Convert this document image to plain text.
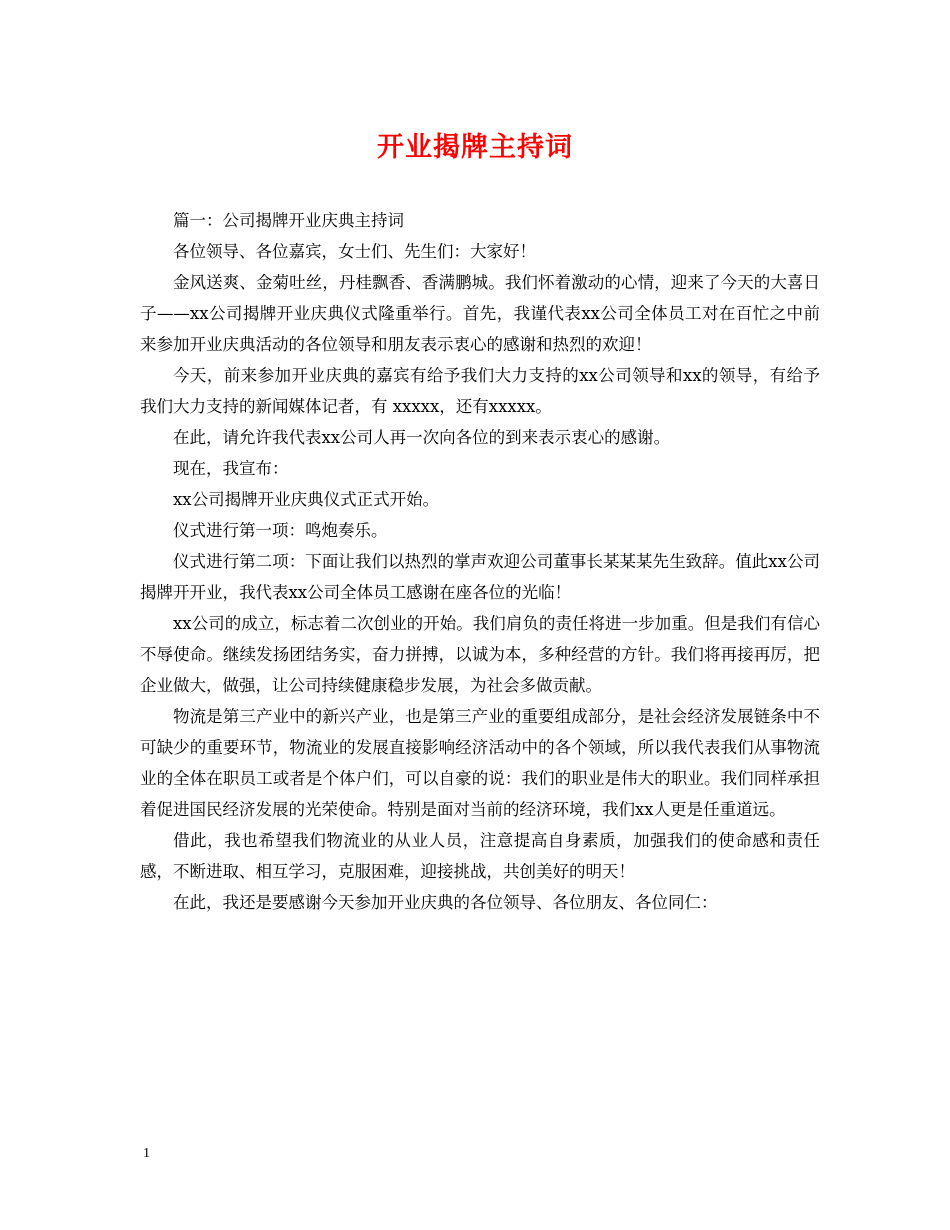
开业揭牌主持词

篇一：公司揭牌开业庆典主持词

各位领导、各位嘉宾，女士们、先生们：大家好！

金风送爽、金菊吐丝，丹桂飘香、香满鹏城。我们怀着激动的心情，迎来了今天的大喜日子——xx公司揭牌开业庆典仪式隆重举行。首先，我谨代表xx公司全体员工对在百忙之中前来参加开业庆典活动的各位领导和朋友表示衷心的感谢和热烈的欢迎！

今天，前来参加开业庆典的嘉宾有给予我们大力支持的xx公司领导和xx的领导，有给予我们大力支持的新闻媒体记者，有 xxxxx，还有xxxxx。

在此，请允许我代表xx公司人再一次向各位的到来表示衷心的感谢。

现在，我宣布：

xx公司揭牌开业庆典仪式正式开始。

仪式进行第一项：鸣炮奏乐。

仪式进行第二项：下面让我们以热烈的掌声欢迎公司董事长某某某先生致辞。值此xx公司揭牌开开业，我代表xx公司全体员工感谢在座各位的光临！

xx公司的成立，标志着二次创业的开始。我们肩负的责任将进一步加重。但是我们有信心不辱使命。继续发扬团结务实，奋力拼搏，以诚为本，多种经营的方针。我们将再接再厉，把企业做大，做强，让公司持续健康稳步发展，为社会多做贡献。

物流是第三产业中的新兴产业，也是第三产业的重要组成部分，是社会经济发展链条中不可缺少的重要环节，物流业的发展直接影响经济活动中的各个领域，所以我代表我们从事物流业的全体在职员工或者是个体户们，可以自豪的说：我们的职业是伟大的职业。我们同样承担着促进国民经济发展的光荣使命。特别是面对当前的经济环境，我们xx人更是任重道远。

借此，我也希望我们物流业的从业人员，注意提高自身素质，加强我们的使命感和责任感，不断进取、相互学习，克服困难，迎接挑战，共创美好的明天！

在此，我还是要感谢今天参加开业庆典的各位领导、各位朋友、各位同仁：

1
